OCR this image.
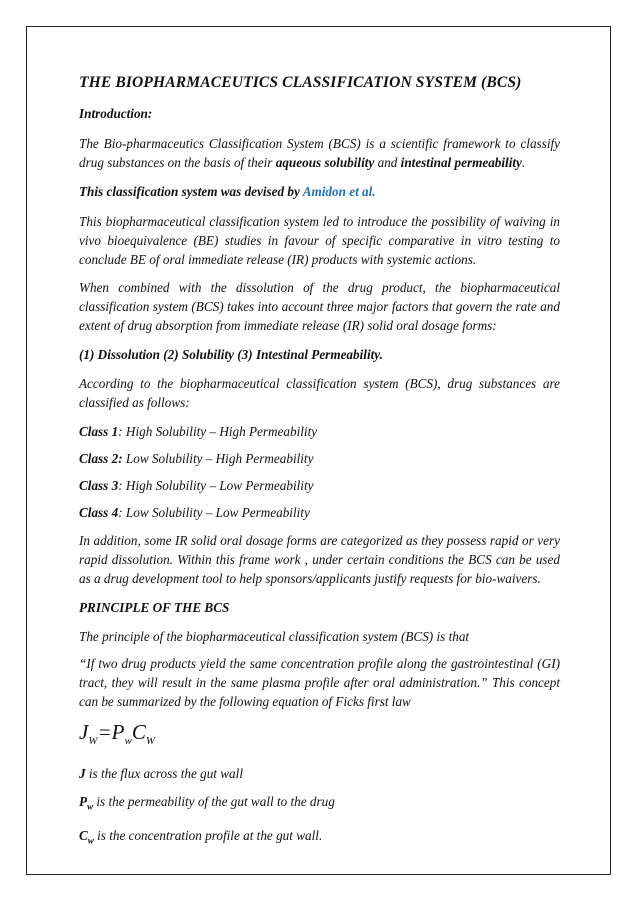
THE BIOPHARMACEUTICS CLASSIFICATION SYSTEM (BCS)

Introduction:

The Bio-pharmaceutics Classification System (BCS) is a scientific framework to classify drug substances on the basis of their aqueous solubility and intestinal permeability.

This classification system was devised by Amidon et al.

This biopharmaceutical classification system led to introduce the possibility of waiving in vivo bioequivalence (BE) studies in favour of specific comparative in vitro testing to conclude BE of oral immediate release (IR) products with systemic actions.

When combined with the dissolution of the drug product, the biopharmaceutical classification system (BCS) takes into account three major factors that govern the rate and extent of drug absorption from immediate release (IR) solid oral dosage forms:

(1) Dissolution (2) Solubility (3) Intestinal Permeability.

According to the biopharmaceutical classification system (BCS), drug substances are classified as follows:

Class 1: High Solubility – High Permeability

Class 2: Low Solubility – High Permeability

Class 3: High Solubility – Low Permeability

Class 4: Low Solubility – Low Permeability

In addition, some IR solid oral dosage forms are categorized as they possess rapid or very rapid dissolution. Within this frame work , under certain conditions the BCS can be used as a drug development tool to help sponsors/applicants justify requests for bio-waivers.

PRINCIPLE OF THE BCS

The principle of the biopharmaceutical classification system (BCS) is that

“If two drug products yield the same concentration profile along the gastrointestinal (GI) tract, they will result in the same plasma profile after oral administration.” This concept can be summarized by the following equation of Ficks first law

$J_W=P_wC_W$

J is the flux across the gut wall

$P_w$ is the permeability of the gut wall to the drug

$C_w$ is the concentration profile at the gut wall.
